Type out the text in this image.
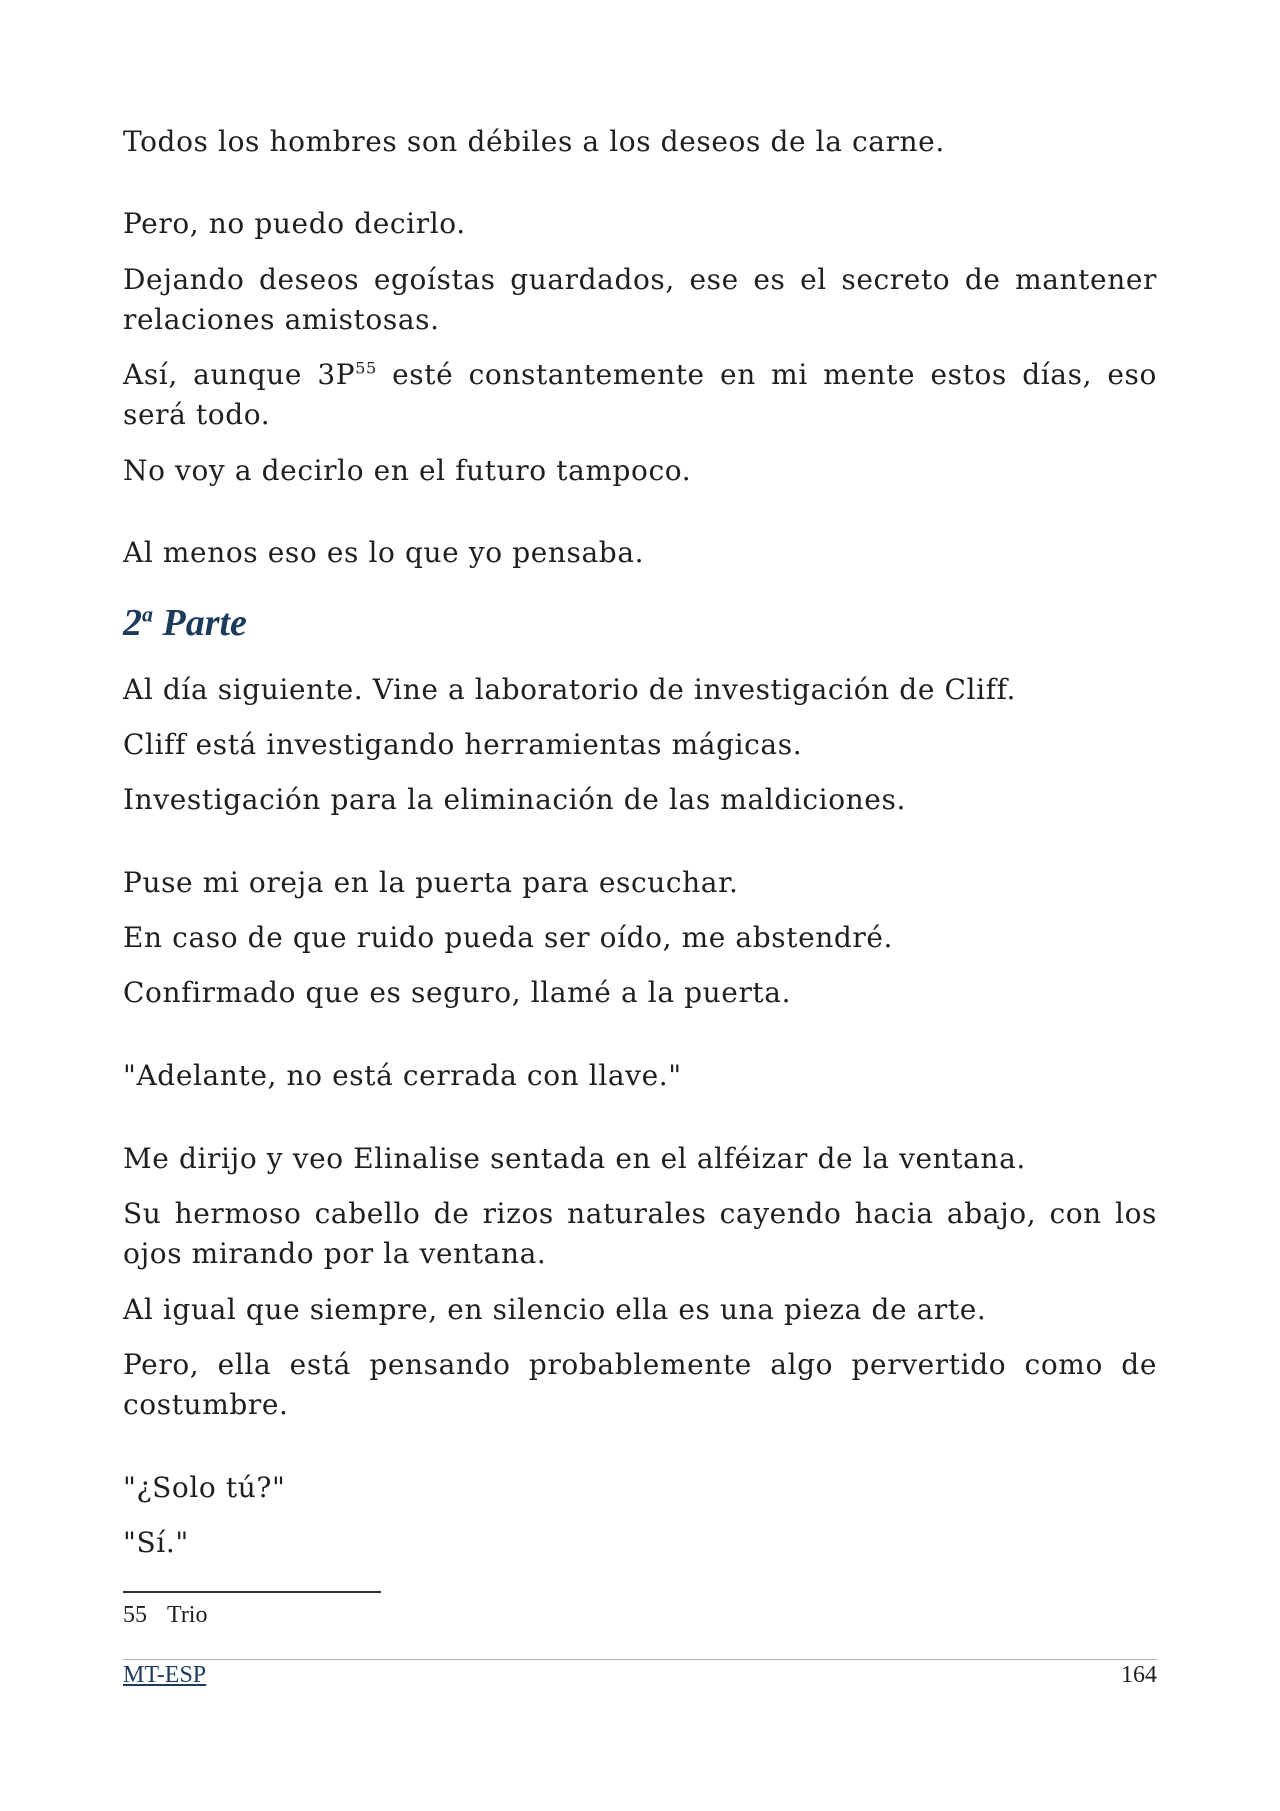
Todos los hombres son débiles a los deseos de la carne.
Pero, no puedo decirlo.
Dejando deseos egoístas guardados, ese es el secreto de mantener relaciones amistosas.
Así, aunque 3P$^{55}$ esté constantemente en mi mente estos días, eso será todo.
No voy a decirlo en el futuro tampoco.
Al menos eso es lo que yo pensaba.
2$^a$ Parte
Al día siguiente. Vine a laboratorio de investigación de Cliff.
Cliff está investigando herramientas mágicas.
Investigación para la eliminación de las maldiciones.
Puse mi oreja en la puerta para escuchar.
En caso de que ruido pueda ser oído, me abstendré.
Confirmado que es seguro, llamé a la puerta.
"Adelante, no está cerrada con llave."
Me dirijo y veo Elinalise sentada en el alféizar de la ventana.
Su hermoso cabello de rizos naturales cayendo hacia abajo, con los ojos mirando por la ventana.
Al igual que siempre, en silencio ella es una pieza de arte.
Pero, ella está pensando probablemente algo pervertido como de costumbre.
"¿Solo tú?"
"Sí."
55 Trio
MT-ESP	164
